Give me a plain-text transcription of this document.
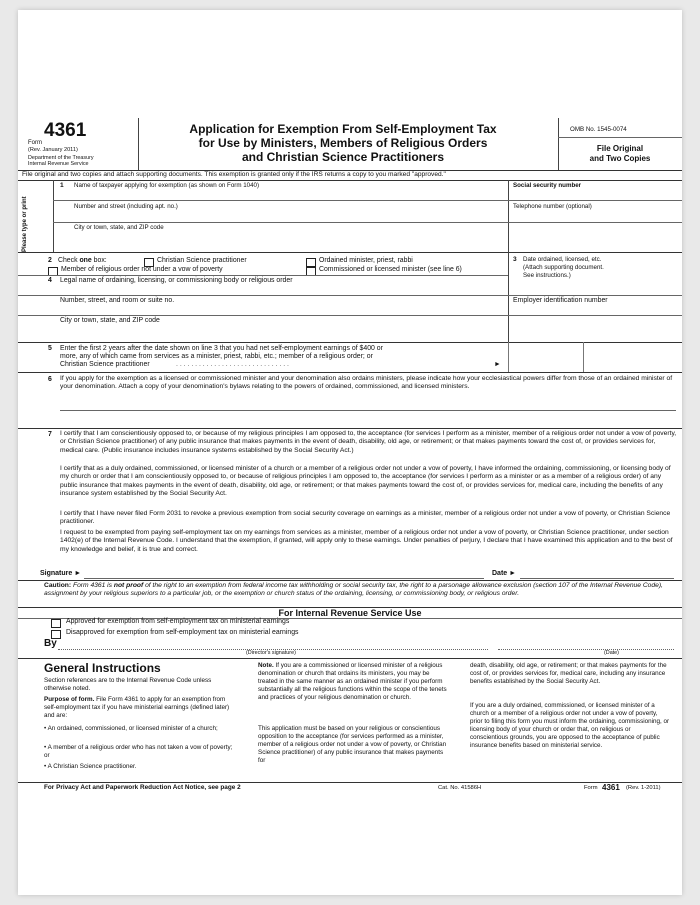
Form
4361
(Rev. January 2011)
Department of the Treasury
Internal Revenue Service
Application for Exemption From Self-Employment Tax
for Use by Ministers, Members of Religious Orders
and Christian Science Practitioners
OMB No. 1545-0074
File Original
and Two Copies
File original and two copies and attach supporting documents. This exemption is granted only if the IRS returns a copy to you marked "approved."
Please type or print
1 Name of taxpayer applying for exemption (as shown on Form 1040)	Social security number
Number and street (including apt. no.)	Telephone number (optional)
City or town, state, and ZIP code
2 Check one box:	Christian Science practitioner	Ordained minister, priest, rabbi
Member of religious order not under a vow of poverty	Commissioned or licensed minister (see line 6)
3 Date ordained, licensed, etc.
(Attach supporting document.
See instructions.)
4 Legal name of ordaining, licensing, or commissioning body or religious order
Number, street, and room or suite no.	Employer identification number
City or town, state, and ZIP code
5 Enter the first 2 years after the date shown on line 3 that you had net self-employment earnings of $400 or
more, any of which came from services as a minister, priest, rabbi, etc.; member of a religious order; or
Christian Science practitioner	. . . . . . . . . . . . . . . . . . . . . . . . . . . . . .	►
6 If you apply for the exemption as a licensed or commissioned minister and your denomination also ordains ministers, please indicate how your ecclesiastical powers differ from those of an ordained minister of your denomination. Attach a copy of your denomination's bylaws relating to the powers of ordained, commissioned, and licensed ministers.
7 I certify that I am conscientiously opposed to, or because of my religious principles I am opposed to, the acceptance (for services I perform as a minister, member of a religious order not under a vow of poverty, or Christian Science practitioner) of any public insurance that makes payments in the event of death, disability, old age, or retirement; or that makes payments toward the cost of, or provides services for, medical care. (Public insurance includes insurance systems established by the Social Security Act.)
I certify that as a duly ordained, commissioned, or licensed minister of a church or a member of a religious order not under a vow of poverty, I have informed the ordaining, commissioning, or licensing body of my church or order that I am conscientiously opposed to, or because of religious principles I am opposed to, the acceptance (for services I perform as a minister or as a member of a religious order) of any public insurance that makes payments in the event of death, disability, old age, or retirement; or that makes payments toward the cost of, or provides services for, medical care, including the benefits of any insurance system established by the Social Security Act.
I certify that I have never filed Form 2031 to revoke a previous exemption from social security coverage on earnings as a minister, member of a religious order not under a vow of poverty, or Christian Science practitioner.
I request to be exempted from paying self-employment tax on my earnings from services as a minister, member of a religious order not under a vow of poverty, or Christian Science practitioner, under section 1402(e) of the Internal Revenue Code. I understand that the exemption, if granted, will apply only to these earnings. Under penalties of perjury, I declare that I have examined this application and to the best of my knowledge and belief, it is true and correct.
Signature ►	Date ►
Caution: Form 4361 is not proof of the right to an exemption from federal income tax withholding or social security tax, the right to a parsonage allowance exclusion (section 107 of the Internal Revenue Code), assignment by your religious superiors to a particular job, or the exemption or church status of the ordaining, licensing, or commissioning body, or religious order.
For Internal Revenue Service Use
Approved for exemption from self-employment tax on ministerial earnings
Disapproved for exemption from self-employment tax on ministerial earnings
By
(Director's signature)	(Date)
General Instructions
Section references are to the Internal Revenue Code unless otherwise noted.
Purpose of form. File Form 4361 to apply for an exemption from self-employment tax if you have ministerial earnings (defined later) and are:
• An ordained, commissioned, or licensed minister of a church;
• A member of a religious order who has not taken a vow of poverty; or
• A Christian Science practitioner.
Note. If you are a commissioned or licensed minister of a religious denomination or church that ordains its ministers, you may be treated in the same manner as an ordained minister if you perform substantially all the religious functions within the scope of the tenets and practices of your religious denomination or church.
This application must be based on your religious or conscientious opposition to the acceptance (for services performed as a minister, member of a religious order not under a vow of poverty, or Christian Science practitioner) of any public insurance that makes payments for
death, disability, old age, or retirement; or that makes payments for the cost of, or provides services for, medical care, including any insurance benefits established by the Social Security Act.
If you are a duly ordained, commissioned, or licensed minister of a church or a member of a religious order not under a vow of poverty, prior to filing this form you must inform the ordaining, commissioning, or licensing body of your church or order that, on religious or conscientious grounds, you are opposed to the acceptance of public insurance benefits based on ministerial service.
For Privacy Act and Paperwork Reduction Act Notice, see page 2	Cat. No. 41586H	Form 4361 (Rev. 1-2011)
